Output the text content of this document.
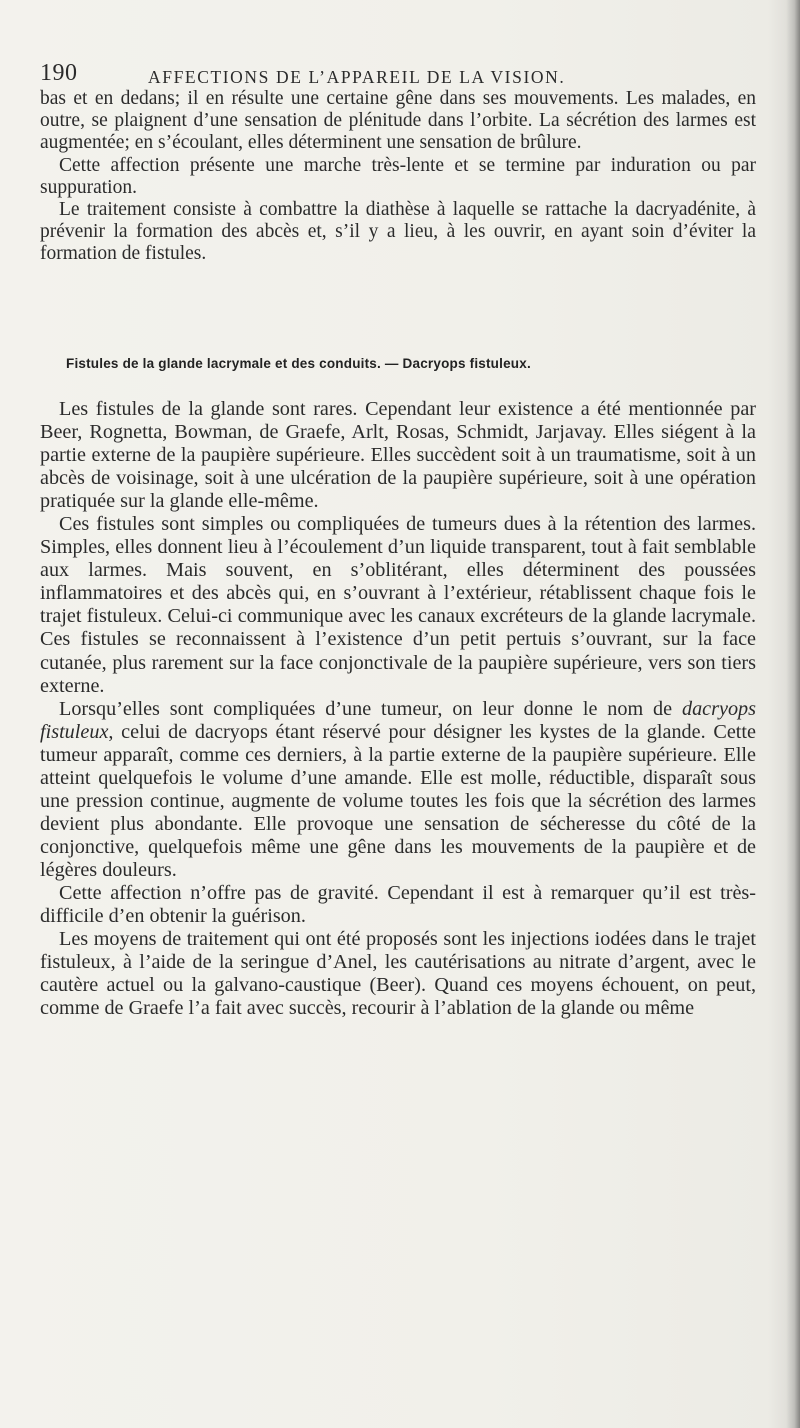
190	AFFECTIONS DE L’APPAREIL DE LA VISION.

bas et en dedans; il en résulte une certaine gêne dans ses mouvements. Les malades, en outre, se plaignent d’une sensation de plénitude dans l’orbite. La sécrétion des larmes est augmentée; en s’écoulant, elles déterminent une sensation de brûlure.

Cette affection présente une marche très-lente et se termine par induration ou par suppuration.

Le traitement consiste à combattre la diathèse à laquelle se rattache la dacryadénite, à prévenir la formation des abcès et, s’il y a lieu, à les ouvrir, en ayant soin d’éviter la formation de fistules.

Fistules de la glande lacrymale et des conduits. — Dacryops fistuleux.

Les fistules de la glande sont rares. Cependant leur existence a été mentionnée par Beer, Rognetta, Bowman, de Graefe, Arlt, Rosas, Schmidt, Jarjavay. Elles siégent à la partie externe de la paupière supérieure. Elles succèdent soit à un traumatisme, soit à un abcès de voisinage, soit à une ulcération de la paupière supérieure, soit à une opération pratiquée sur la glande elle-même.

Ces fistules sont simples ou compliquées de tumeurs dues à la rétention des larmes. Simples, elles donnent lieu à l’écoulement d’un liquide transparent, tout à fait semblable aux larmes. Mais souvent, en s’oblitérant, elles déterminent des poussées inflammatoires et des abcès qui, en s’ouvrant à l’extérieur, rétablissent chaque fois le trajet fistuleux. Celui-ci communique avec les canaux excréteurs de la glande lacrymale. Ces fistules se reconnaissent à l’existence d’un petit pertuis s’ouvrant, sur la face cutanée, plus rarement sur la face conjonctivale de la paupière supérieure, vers son tiers externe.

Lorsqu’elles sont compliquées d’une tumeur, on leur donne le nom de dacryops fistuleux, celui de dacryops étant réservé pour désigner les kystes de la glande. Cette tumeur apparaît, comme ces derniers, à la partie externe de la paupière supérieure. Elle atteint quelquefois le volume d’une amande. Elle est molle, réductible, disparaît sous une pression continue, augmente de volume toutes les fois que la sécrétion des larmes devient plus abondante. Elle provoque une sensation de sécheresse du côté de la conjonctive, quelquefois même une gêne dans les mouvements de la paupière et de légères douleurs.

Cette affection n’offre pas de gravité. Cependant il est à remarquer qu’il est très-difficile d’en obtenir la guérison.

Les moyens de traitement qui ont été proposés sont les injections iodées dans le trajet fistuleux, à l’aide de la seringue d’Anel, les cautérisations au nitrate d’argent, avec le cautère actuel ou la galvano-caustique (Beer). Quand ces moyens échouent, on peut, comme de Graefe l’a fait avec succès, recourir à l’ablation de la glande ou même
